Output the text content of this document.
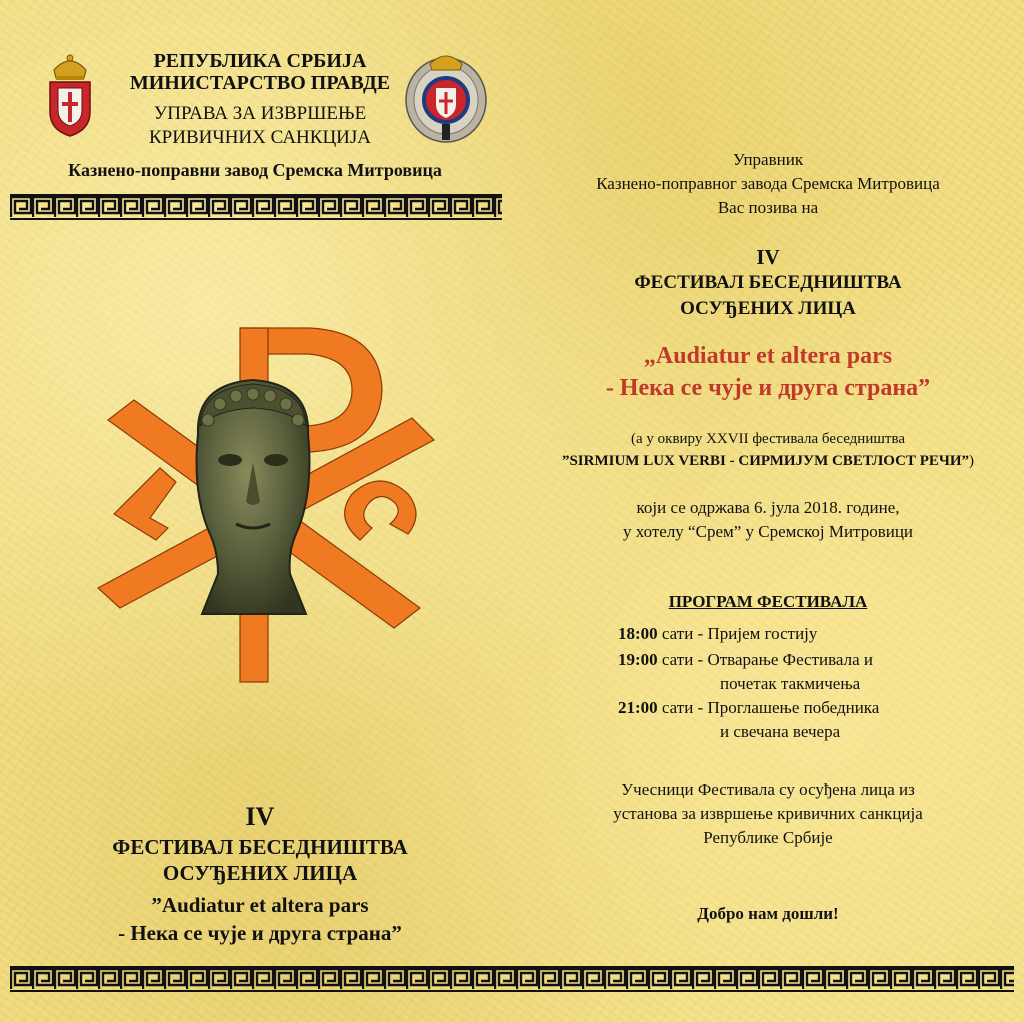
РЕПУБЛИКА СРБИЈА
МИНИСТАРСТВО ПРАВДЕ
УПРАВА ЗА ИЗВРШЕЊЕ
КРИВИЧНИХ САНКЦИЈА
Казнено-поправни завод Сремска Митровица
IV
ФЕСТИВАЛ БЕСЕДНИШТВА
ОСУЂЕНИХ ЛИЦА
”Audiatur et altera pars
- Нека се чује и друга страна”
Управник
Казнено-поправног завода Сремска Митровица
Вас позива на
IV
ФЕСТИВАЛ БЕСЕДНИШТВА
ОСУЂЕНИХ ЛИЦА
„Audiatur et altera pars
- Нека се чује и друга страна”
(а у оквиру XXVII фестивала беседништва
”SIRMIUM LUX VERBI - СИРМИЈУМ СВЕТЛОСТ РЕЧИ”)
који се одржава 6. јула 2018. године,
у хотелу “Срем” у Сремској Митровици
ПРОГРАМ ФЕСТИВАЛА
18:00 сати - Пријем гостију
19:00 сати - Отварање Фестивала и
почетак такмичења
21:00 сати - Проглашење победника
и свечана вечера
Учесници Фестивала су осуђена лица из
установа за извршење кривичних санкција
Републике Србије
Добро нам дошли!
